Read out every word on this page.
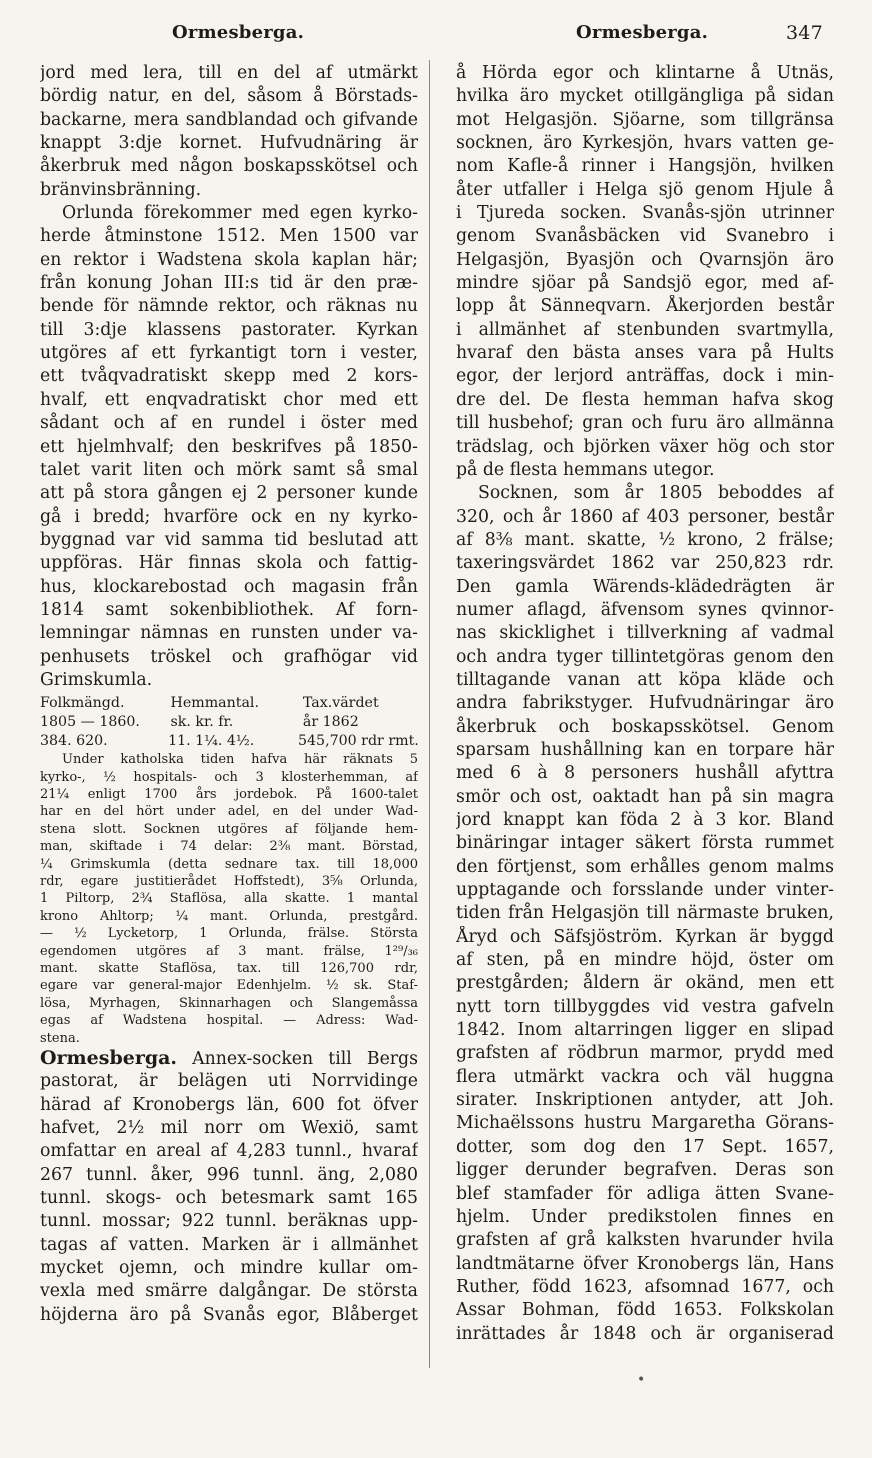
Ormesberga.	Ormesberga.	347
jord med lera, till en del af utmärkt
bördig natur, en del, såsom å Börstads-
backarne, mera sandblandad och gifvande
knappt 3:dje kornet. Hufvudnäring är
åkerbruk med någon boskapsskötsel och
bränvinsbränning.
Orlunda förekommer med egen kyrko-
herde åtminstone 1512. Men 1500 var
en rektor i Wadstena skola kaplan här;
från konung Johan III:s tid är den præ-
bende för nämnde rektor, och räknas nu
till 3:dje klassens pastorater. Kyrkan
utgöres af ett fyrkantigt torn i vester,
ett tvåqvadratiskt skepp med 2 kors-
hvalf, ett enqvadratiskt chor med ett
sådant och af en rundel i öster med
ett hjelmhvalf; den beskrifves på 1850-
talet varit liten och mörk samt så smal
att på stora gången ej 2 personer kunde
gå i bredd; hvarföre ock en ny kyrko-
byggnad var vid samma tid beslutad att
uppföras. Här finnas skola och fattig-
hus, klockarebostad och magasin från
1814 samt sokenbibliothek. Af forn-
lemningar nämnas en runsten under va-
penhusets tröskel och grafhögar vid
Grimskumla.
Folkmängd.	Hemmantal.	Tax.värdet
1805 — 1860.	sk. kr. fr.	år 1862
384. 620.	11. 1¼. 4½.	545,700 rdr rmt.
Under katholska tiden hafva här räknats 5
kyrko-, ½ hospitals- och 3 klosterhemman, af
21¼ enligt 1700 års jordebok. På 1600-talet
har en del hört under adel, en del under Wad-
stena slott. Socknen utgöres af följande hem-
man, skiftade i 74 delar: 2⅜ mant. Börstad,
¼ Grimskumla (detta sednare tax. till 18,000
rdr, egare justitierådet Hoffstedt), 3⅝ Orlunda,
1 Piltorp, 2¾ Staflösa, alla skatte. 1 mantal
krono Ahltorp; ¼ mant. Orlunda, prestgård.
— ½ Lycketorp, 1 Orlunda, frälse. Största
egendomen utgöres af 3 mant. frälse, 1²⁹/₃₆
mant. skatte Staflösa, tax. till 126,700 rdr,
egare var general-major Edenhjelm. ½ sk. Staf-
lösa, Myrhagen, Skinnarhagen och Slangemåssa
egas af Wadstena hospital. — Adress: Wad-
stena.
Ormesberga. Annex-socken till Bergs
pastorat, är belägen uti Norrvidinge
härad af Kronobergs län, 600 fot öfver
hafvet, 2½ mil norr om Wexiö, samt
omfattar en areal af 4,283 tunnl., hvaraf
267 tunnl. åker, 996 tunnl. äng, 2,080
tunnl. skogs- och betesmark samt 165
tunnl. mossar; 922 tunnl. beräknas upp-
tagas af vatten. Marken är i allmänhet
mycket ojemn, och mindre kullar om-
vexla med smärre dalgångar. De största
höjderna äro på Svanås egor, Blåberget
å Hörda egor och klintarne å Utnäs,
hvilka äro mycket otillgängliga på sidan
mot Helgasjön. Sjöarne, som tillgränsa
socknen, äro Kyrkesjön, hvars vatten ge-
nom Kafle-å rinner i Hangsjön, hvilken
åter utfaller i Helga sjö genom Hjule å
i Tjureda socken. Svanås-sjön utrinner
genom Svanåsbäcken vid Svanebro i
Helgasjön, Byasjön och Qvarnsjön äro
mindre sjöar på Sandsjö egor, med af-
lopp åt Sänneqvarn. Åkerjorden består
i allmänhet af stenbunden svartmylla,
hvaraf den bästa anses vara på Hults
egor, der lerjord anträffas, dock i min-
dre del. De flesta hemman hafva skog
till husbehof; gran och furu äro allmänna
trädslag, och björken växer hög och stor
på de flesta hemmans utegor.
Socknen, som år 1805 beboddes af
320, och år 1860 af 403 personer, består
af 8⅜ mant. skatte, ½ krono, 2 frälse;
taxeringsvärdet 1862 var 250,823 rdr.
Den gamla Wärends-klädedrägten är
numer aflagd, äfvensom synes qvinnor-
nas skicklighet i tillverkning af vadmal
och andra tyger tillintetgöras genom den
tilltagande vanan att köpa kläde och
andra fabrikstyger. Hufvudnäringar äro
åkerbruk och boskapsskötsel. Genom
sparsam hushållning kan en torpare här
med 6 à 8 personers hushåll afyttra
smör och ost, oaktadt han på sin magra
jord knappt kan föda 2 à 3 kor. Bland
binäringar intager säkert första rummet
den förtjenst, som erhålles genom malms
upptagande och forsslande under vinter-
tiden från Helgasjön till närmaste bruken,
Åryd och Säfsjöström. Kyrkan är byggd
af sten, på en mindre höjd, öster om
prestgården; åldern är okänd, men ett
nytt torn tillbyggdes vid vestra gafveln
1842. Inom altarringen ligger en slipad
grafsten af rödbrun marmor, prydd med
flera utmärkt vackra och väl huggna
sirater. Inskriptionen antyder, att Joh.
Michaëlssons hustru Margaretha Görans-
dotter, som dog den 17 Sept. 1657,
ligger derunder begrafven. Deras son
blef stamfader för adliga ätten Svane-
hjelm. Under predikstolen finnes en
grafsten af grå kalksten hvarunder hvila
landtmätarne öfver Kronobergs län, Hans
Ruther, född 1623, afsomnad 1677, och
Assar Bohman, född 1653. Folkskolan
inrättades år 1848 och är organiserad
•
